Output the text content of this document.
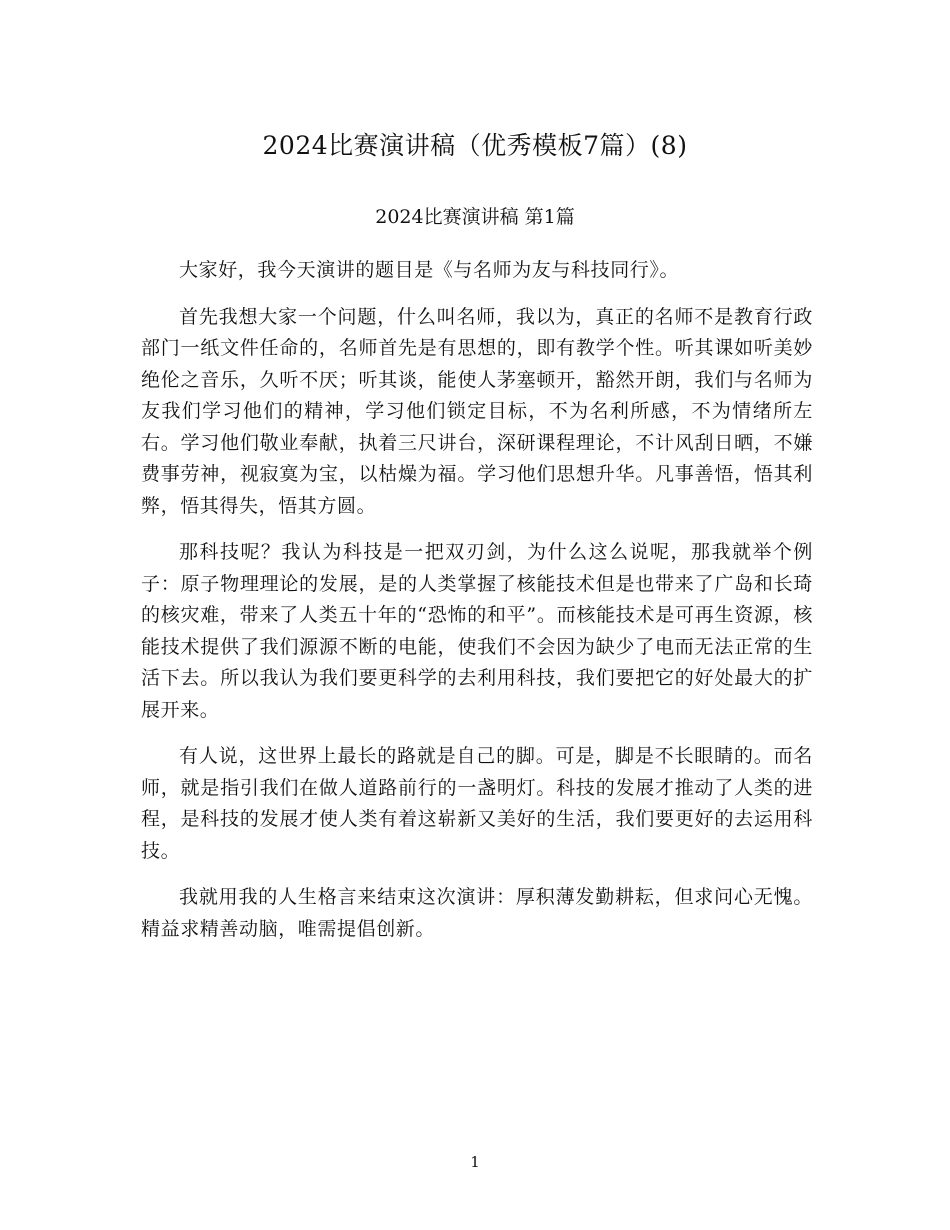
2024比赛演讲稿（优秀模板7篇）(8)
2024比赛演讲稿 第1篇

大家好，我今天演讲的题目是《与名师为友与科技同行》。

首先我想大家一个问题，什么叫名师，我以为，真正的名师不是教育行政部门一纸文件任命的，名师首先是有思想的，即有教学个性。听其课如听美妙绝伦之音乐，久听不厌；听其谈，能使人茅塞顿开，豁然开朗，我们与名师为友我们学习他们的精神，学习他们锁定目标，不为名利所感，不为情绪所左右。学习他们敬业奉献，执着三尺讲台，深研课程理论，不计风刮日晒，不嫌费事劳神，视寂寞为宝，以枯燥为福。学习他们思想升华。凡事善悟，悟其利弊，悟其得失，悟其方圆。

那科技呢？我认为科技是一把双刃剑，为什么这么说呢，那我就举个例子：原子物理理论的发展，是的人类掌握了核能技术但是也带来了广岛和长琦的核灾难，带来了人类五十年的“恐怖的和平”。而核能技术是可再生资源，核能技术提供了我们源源不断的电能，使我们不会因为缺少了电而无法正常的生活下去。所以我认为我们要更科学的去利用科技，我们要把它的好处最大的扩展开来。

有人说，这世界上最长的路就是自己的脚。可是，脚是不长眼睛的。而名师，就是指引我们在做人道路前行的一盏明灯。科技的发展才推动了人类的进程，是科技的发展才使人类有着这崭新又美好的生活，我们要更好的去运用科技。

我就用我的人生格言来结束这次演讲：厚积薄发勤耕耘，但求问心无愧。精益求精善动脑，唯需提倡创新。

1
